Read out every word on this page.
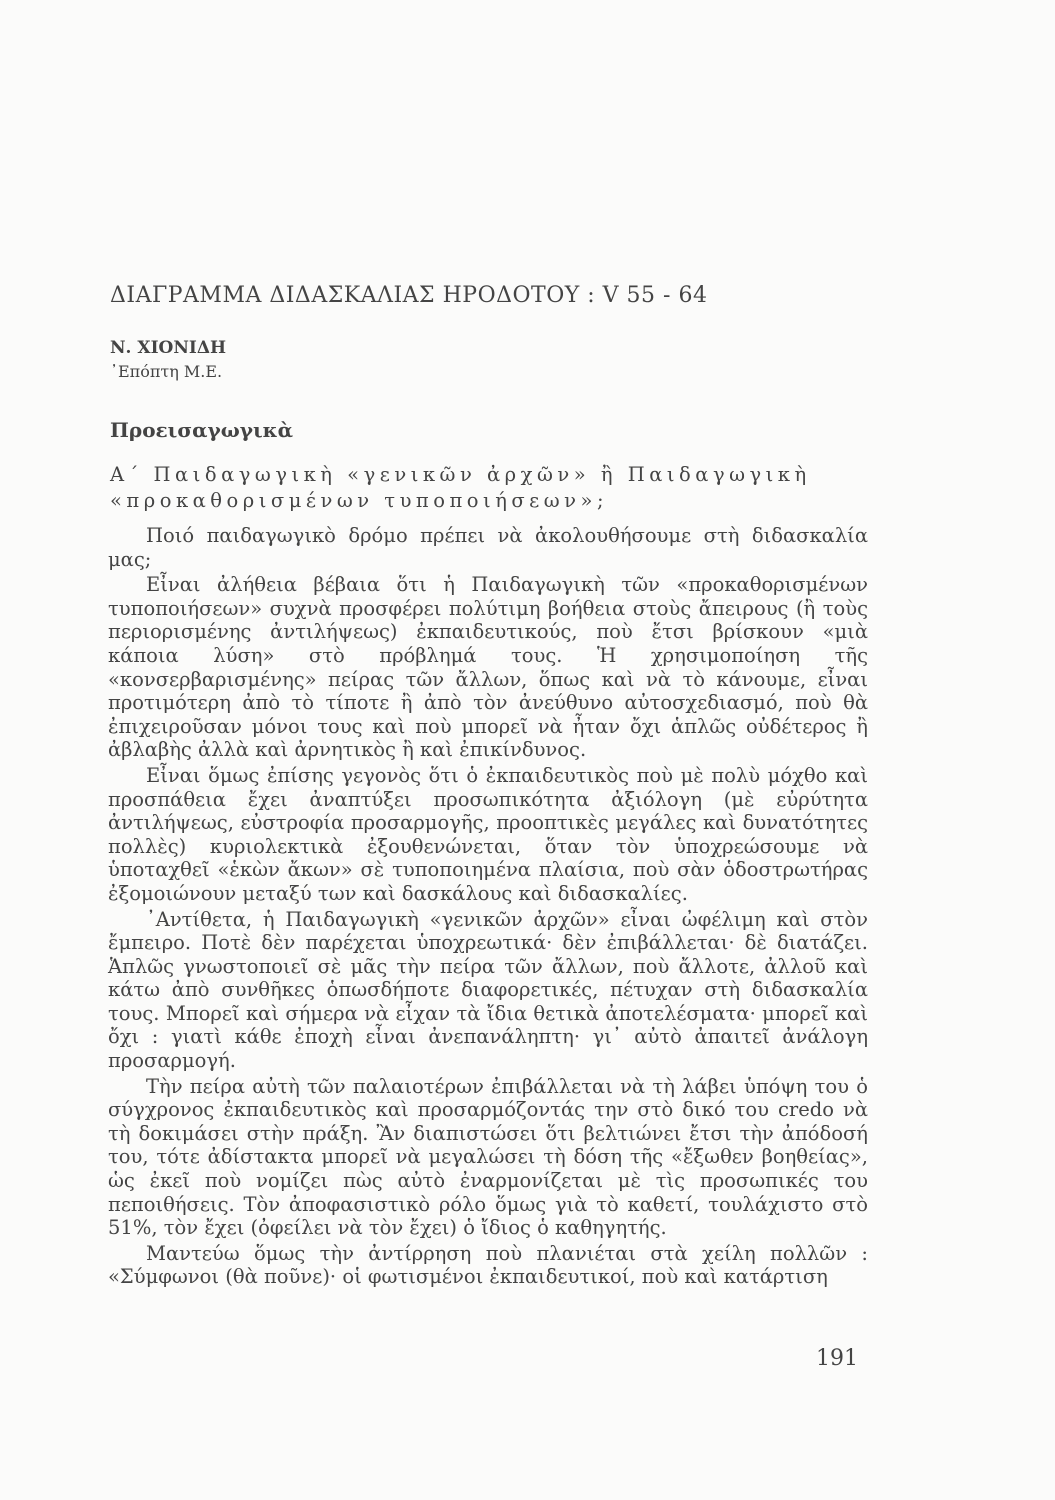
ΔΙΑΓΡΑΜΜΑ ΔΙΔΑΣΚΑΛΙΑΣ ΗΡΟΔΟΤΟΥ : V 55 - 64
Ν. ΧΙΟΝΙΔΗ
᾿Επόπτη Μ.Ε.
Προεισαγωγικὰ
Α΄ Παιδαγωγικὴ «γενικῶν ἀρχῶν» ἢ Παιδαγωγικὴ
«προκαθορισμένων τυποποιήσεων»;

Ποιό παιδαγωγικὸ δρόμο πρέπει νὰ ἀκολουθήσουμε στὴ διδασκαλία μας;

Εἶναι ἀλήθεια βέβαια ὅτι ἡ Παιδαγωγικὴ τῶν «προκαθορισμένων τυποποιήσεων» συχνὰ προσφέρει πολύτιμη βοήθεια στοὺς ἄπειρους (ἢ τοὺς περιορισμένης ἀντιλήψεως) ἐκπαιδευτικούς, ποὺ ἔτσι βρίσκουν «μιὰ κάποια λύση» στὸ πρόβλημά τους. Ἡ χρησιμοποίηση τῆς «κονσερβαρισμένης» πείρας τῶν ἄλλων, ὅπως καὶ νὰ τὸ κάνουμε, εἶναι προτιμότερη ἀπὸ τὸ τίποτε ἢ ἀπὸ τὸν ἀνεύθυνο αὐτοσχεδιασμό, ποὺ θὰ ἐπιχειροῦσαν μόνοι τους καὶ ποὺ μπορεῖ νὰ ἦταν ὄχι ἁπλῶς οὐδέτερος ἢ ἀβλαβὴς ἀλλὰ καὶ ἀρνητικὸς ἢ καὶ ἐπικίνδυνος.

Εἶναι ὅμως ἐπίσης γεγονὸς ὅτι ὁ ἐκπαιδευτικὸς ποὺ μὲ πολὺ μόχθο καὶ προσπάθεια ἔχει ἀναπτύξει προσωπικότητα ἀξιόλογη (μὲ εὐρύτητα ἀντιλήψεως, εὐστροφία προσαρμογῆς, προοπτικὲς μεγάλες καὶ δυνατότητες πολλὲς) κυριολεκτικὰ ἐξουθενώνεται, ὅταν τὸν ὑποχρεώσουμε νὰ ὑποταχθεῖ «ἑκὼν ἄκων» σὲ τυποποιημένα πλαίσια, ποὺ σὰν ὁδοστρωτήρας ἐξομοιώνουν μεταξύ των καὶ δασκάλους καὶ διδασκαλίες.

᾿Αντίθετα, ἡ Παιδαγωγικὴ «γενικῶν ἀρχῶν» εἶναι ὠφέλιμη καὶ στὸν ἔμπειρο. Ποτὲ δὲν παρέχεται ὑποχρεωτικά· δὲν ἐπιβάλλεται· δὲ διατάζει. Ἁπλῶς γνωστοποιεῖ σὲ μᾶς τὴν πείρα τῶν ἄλλων, ποὺ ἄλλοτε, ἀλλοῦ καὶ κάτω ἀπὸ συνθῆκες ὁπωσδήποτε διαφορετικές, πέτυχαν στὴ διδασκαλία τους. Μπορεῖ καὶ σήμερα νὰ εἶχαν τὰ ἴδια θετικὰ ἀποτελέσματα· μπορεῖ καὶ ὄχι : γιατὶ κάθε ἐποχὴ εἶναι ἀνεπανάληπτη· γι᾿ αὐτὸ ἀπαιτεῖ ἀνάλογη προσαρμογή.

Τὴν πείρα αὐτὴ τῶν παλαιοτέρων ἐπιβάλλεται νὰ τὴ λάβει ὑπόψη του ὁ σύγχρονος ἐκπαιδευτικὸς καὶ προσαρμόζοντάς την στὸ δικό του credo νὰ τὴ δοκιμάσει στὴν πράξη. Ἂν διαπιστώσει ὅτι βελτιώνει ἔτσι τὴν ἀπόδοσή του, τότε ἀδίστακτα μπορεῖ νὰ μεγαλώσει τὴ δόση τῆς «ἔξωθεν βοηθείας», ὡς ἐκεῖ ποὺ νομίζει πὼς αὐτὸ ἐναρμονίζεται μὲ τὶς προσωπικές του πεποιθήσεις. Τὸν ἀποφασιστικὸ ρόλο ὅμως γιὰ τὸ καθετί, τουλάχιστο στὸ 51%, τὸν ἔχει (ὀφείλει νὰ τὸν ἔχει) ὁ ἴδιος ὁ καθηγητής.

Μαντεύω ὅμως τὴν ἀντίρρηση ποὺ πλανιέται στὰ χείλη πολλῶν : «Σύμφωνοι (θὰ ποῦνε)· οἱ φωτισμένοι ἐκπαιδευτικοί, ποὺ καὶ κατάρτιση

191
